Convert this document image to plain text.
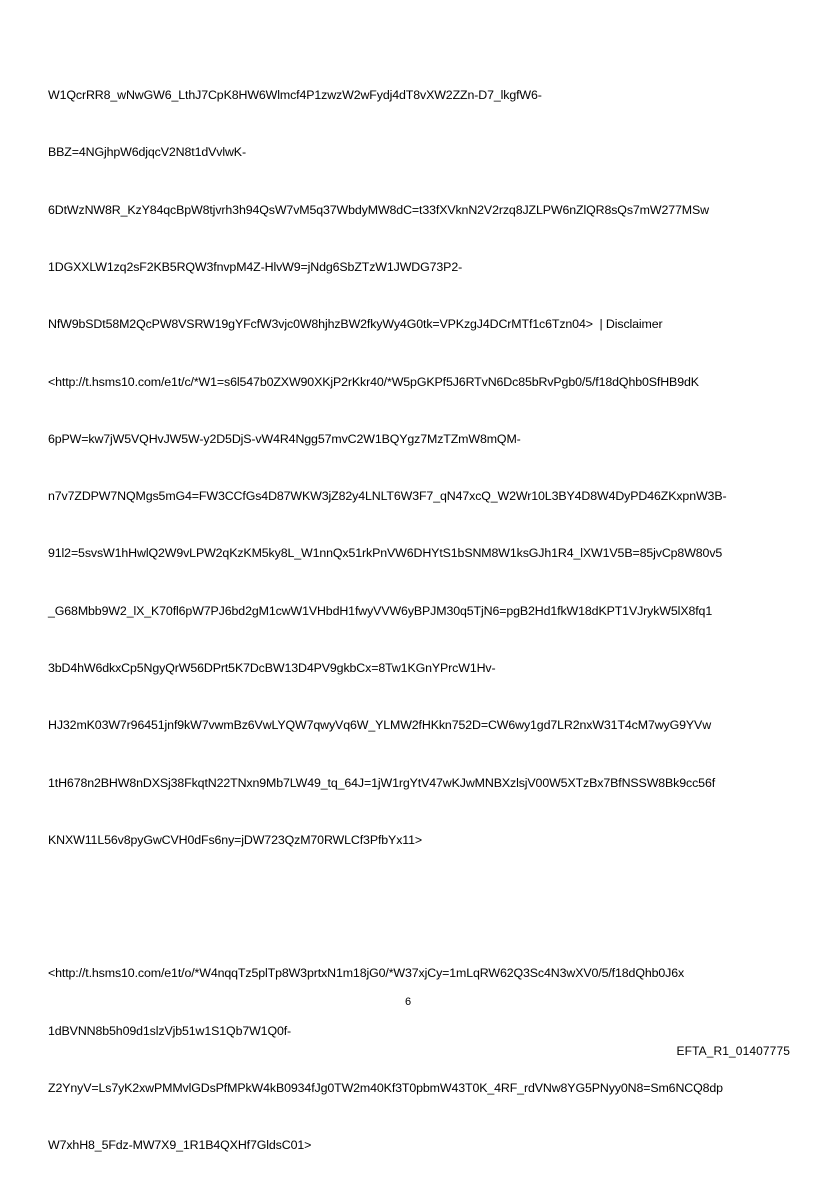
W1QcrRR8_wNwGW6_LthJ7CpK8HW6Wlmcf4P1zwzW2wFydj4dT8vXW2ZZn-D7_lkgfW6-

BBZ=4NGjhpW6djqcV2N8t1dVvlwK-

6DtWzNW8R_KzY84qcBpW8tjvrh3h94QsW7vM5q37WbdyMW8dC=t33fXVknN2V2rzq8JZLPW6nZlQR8sQs7mW277MSw

1DGXXLW1zq2sF2KB5RQW3fnvpM4Z-HlvW9=jNdg6SbZTzW1JWDG73P2-

NfW9bSDt58M2QcPW8VSRW19gYFcfW3vjc0W8hjhzBW2fkyWy4G0tk=VPKzgJ4DCrMTf1c6Tzn04>  | Disclaimer

<http://t.hsms10.com/e1t/c/*W1=s6l547b0ZXW90XKjP2rKkr40/*W5pGKPf5J6RTvN6Dc85bRvPgb0/5/f18dQhb0SfHB9dK

6pPW=kw7jW5VQHvJW5W-y2D5DjS-vW4R4Ngg57mvC2W1BQYgz7MzTZmW8mQM-

n7v7ZDPW7NQMgs5mG4=FW3CCfGs4D87WKW3jZ82y4LNLT6W3F7_qN47xcQ_W2Wr10L3BY4D8W4DyPD46ZKxpnW3B-

91l2=5svsW1hHwlQ2W9vLPW2qKzKM5ky8L_W1nnQx51rkPnVW6DHYtS1bSNM8W1ksGJh1R4_lXW1V5B=85jvCp8W80v5

_G68Mbb9W2_lX_K70fl6pW7PJ6bd2gM1cwW1VHbdH1fwyVVW6yBPJM30q5TjN6=pgB2Hd1fkW18dKPT1VJrykW5lX8fq1

3bD4hW6dkxCp5NgyQrW56DPrt5K7DcBW13D4PV9gkbCx=8Tw1KGnYPrcW1Hv-

HJ32mK03W7r96451jnf9kW7vwmBz6VwLYQW7qwyVq6W_YLMW2fHKkn752D=CW6wy1gd7LR2nxW31T4cM7wyG9YVw

1tH678n2BHW8nDXSj38FkqtN22TNxn9Mb7LW49_tq_64J=1jW1rgYtV47wKJwMNBXzlsjV00W5XTzBx7BfNSSW8Bk9cc56f

KNXW11L56v8pyGwCVH0dFs6ny=jDW723QzM70RWLCf3PfbYx11>

<http://t.hsms10.com/e1t/o/*W4nqqTz5plTp8W3prtxN1m18jG0/*W37xjCy=1mLqRW62Q3Sc4N3wXV0/5/f18dQhb0J6x

1dBVNN8b5h09d1slzVjb51w1S1Qb7W1Q0f-

Z2YnyV=Ls7yK2xwPMMvlGDsPfMPkW4kB0934fJg0TW2m40Kf3T0pbmW43T0K_4RF_rdVNw8YG5PNyy0N8=Sm6NCQ8dp

W7xhH8_5Fdz-MW7X9_1R1B4QXHf7GldsC01>

6
EFTA_R1_01407775
